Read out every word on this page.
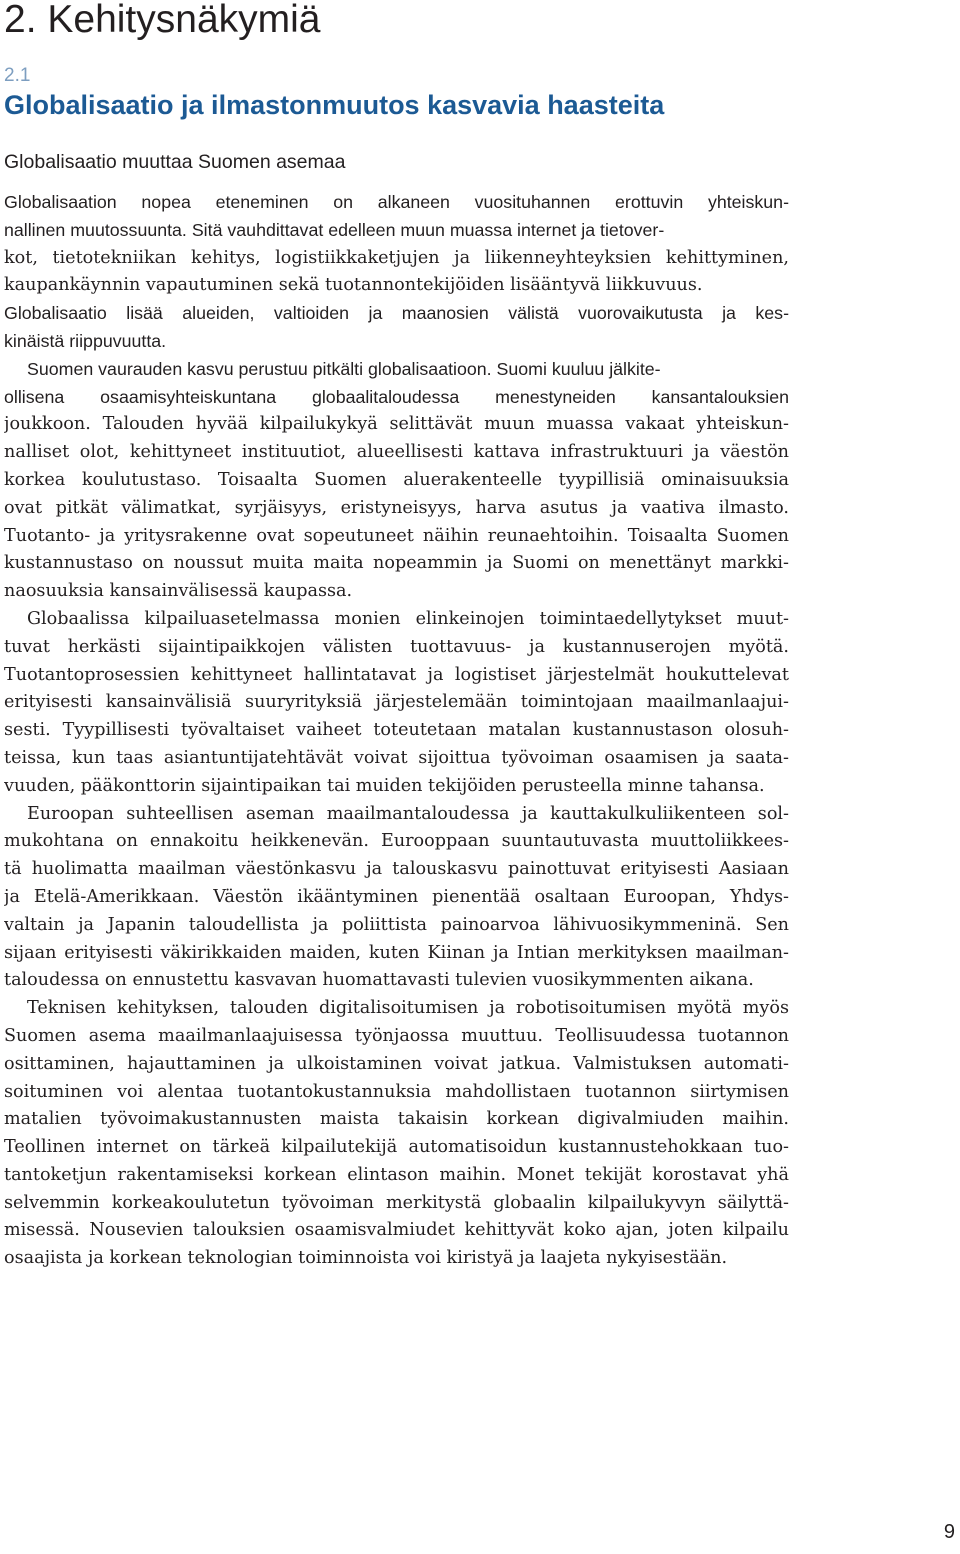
2. Kehitysnäkymiä
2.1
Globalisaatio ja ilmastonmuutos kasvavia haasteita
Globalisaatio muuttaa Suomen asemaa
Globalisaation nopea eteneminen on alkaneen vuosituhannen erottuvin yhteiskun-
nallinen muutossuunta. Sitä vauhdittavat edelleen muun muassa internet ja tietover-
kot, tietotekniikan kehitys, logistiikkaketjujen ja liikenneyhteyksien kehittyminen,
kaupankäynnin vapautuminen sekä tuotannontekijöiden lisääntyvä liikkuvuus.
Globalisaatio lisää alueiden, valtioiden ja maanosien välistä vuorovaikutusta ja kes-
kinäistä riippuvuutta.
Suomen vaurauden kasvu perustuu pitkälti globalisaatioon. Suomi kuuluu jälkite-
ollisena osaamisyhteiskuntana globaalitaloudessa menestyneiden kansantalouksien
joukkoon. Talouden hyvää kilpailukykyä selittävät muun muassa vakaat yhteiskun-
nalliset olot, kehittyneet instituutiot, alueellisesti kattava infrastruktuuri ja väestön
korkea koulutustaso. Toisaalta Suomen aluerakenteelle tyypillisiä ominaisuuksia
ovat pitkät välimatkat, syrjäisyys, eristyneisyys, harva asutus ja vaativa ilmasto.
Tuotanto- ja yritysrakenne ovat sopeutuneet näihin reunaehtoihin. Toisaalta Suomen
kustannustaso on noussut muita maita nopeammin ja Suomi on menettänyt markki-
naosuuksia kansainvälisessä kaupassa.
Globaalissa kilpailuasetelmassa monien elinkeinojen toimintaedellytykset muut-
tuvat herkästi sijaintipaikkojen välisten tuottavuus- ja kustannuserojen myötä.
Tuotantoprosessien kehittyneet hallintatavat ja logistiset järjestelmät houkuttelevat
erityisesti kansainvälisiä suuryrityksiä järjestelemään toimintojaan maailmanlaajui-
sesti. Tyypillisesti työvaltaiset vaiheet toteutetaan matalan kustannustason olosuh-
teissa, kun taas asiantuntijatehtävät voivat sijoittua työvoiman osaamisen ja saata-
vuuden, pääkonttorin sijaintipaikan tai muiden tekijöiden perusteella minne tahansa.
Euroopan suhteellisen aseman maailmantaloudessa ja kauttakulkuliikenteen sol-
mukohtana on ennakoitu heikkenevän. Eurooppaan suuntautuvasta muuttoliikkees-
tä huolimatta maailman väestönkasvu ja talouskasvu painottuvat erityisesti Aasiaan
ja Etelä-Amerikkaan. Väestön ikääntyminen pienentää osaltaan Euroopan, Yhdys-
valtain ja Japanin taloudellista ja poliittista painoarvoa lähivuosikymmeninä. Sen
sijaan erityisesti väkirikkaiden maiden, kuten Kiinan ja Intian merkityksen maailman-
taloudessa on ennustettu kasvavan huomattavasti tulevien vuosikymmenten aikana.
Teknisen kehityksen, talouden digitalisoitumisen ja robotisoitumisen myötä myös
Suomen asema maailmanlaajuisessa työnjaossa muuttuu. Teollisuudessa tuotannon
osittaminen, hajauttaminen ja ulkoistaminen voivat jatkua. Valmistuksen automati-
soituminen voi alentaa tuotantokustannuksia mahdollistaen tuotannon siirtymisen
matalien työvoimakustannusten maista takaisin korkean digivalmiuden maihin.
Teollinen internet on tärkeä kilpailutekijä automatisoidun kustannustehokkaan tuo-
tantoketjun rakentamiseksi korkean elintason maihin. Monet tekijät korostavat yhä
selvemmin korkeakoulutetun työvoiman merkitystä globaalin kilpailukyvyn säilyttä-
misessä. Nousevien talouksien osaamisvalmiudet kehittyvät koko ajan, joten kilpailu
osaajista ja korkean teknologian toiminnoista voi kiristyä ja laajeta nykyisestään.
9
